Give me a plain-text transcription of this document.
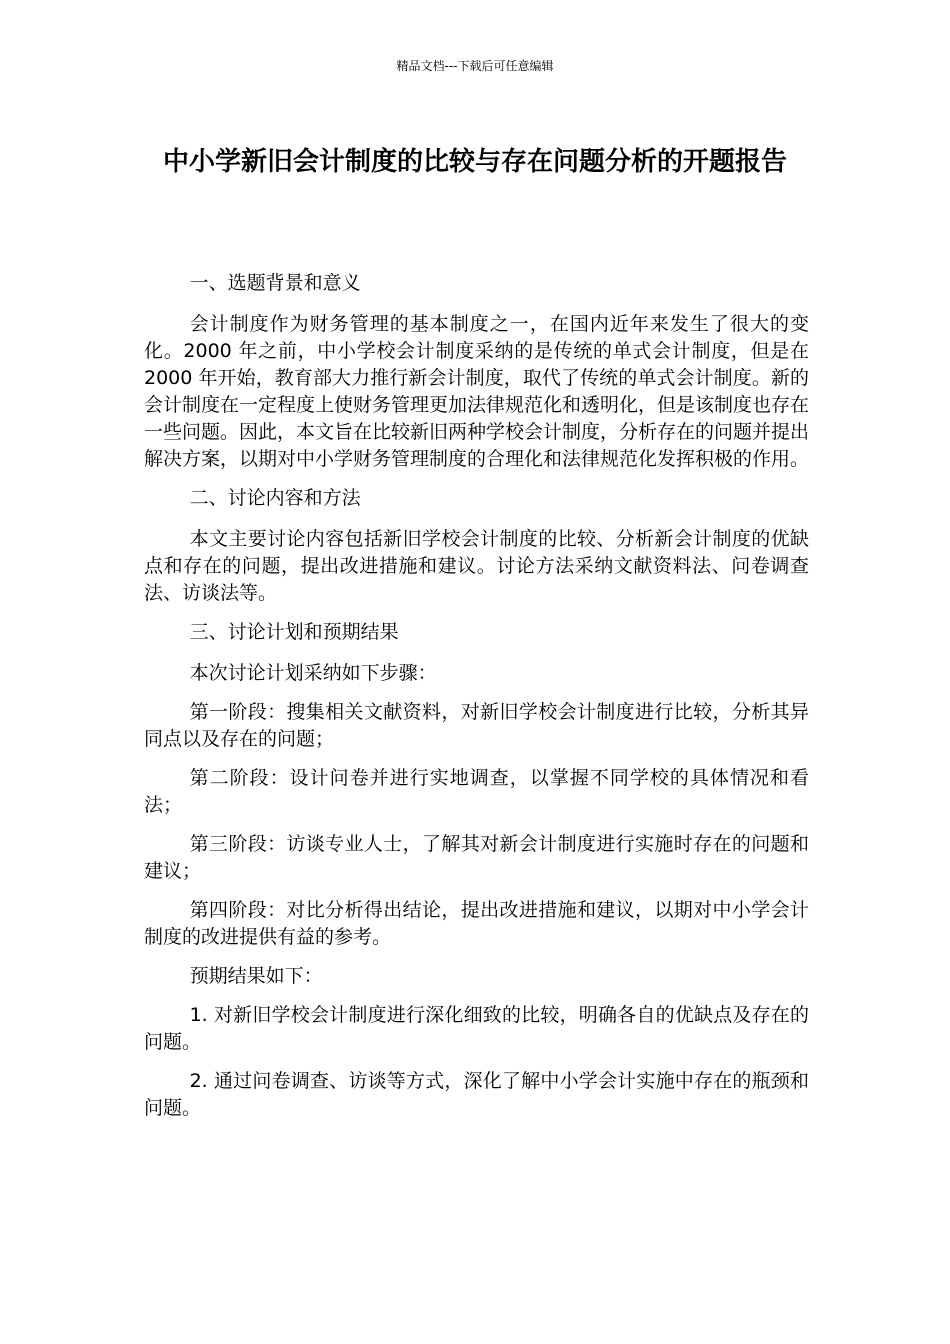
精品文档---下载后可任意编辑
中小学新旧会计制度的比较与存在问题分析的开题报告

一、选题背景和意义

会计制度作为财务管理的基本制度之一，在国内近年来发生了很大的变化。2000 年之前，中小学校会计制度采纳的是传统的单式会计制度，但是在 2000 年开始，教育部大力推行新会计制度，取代了传统的单式会计制度。新的会计制度在一定程度上使财务管理更加法律规范化和透明化，但是该制度也存在一些问题。因此，本文旨在比较新旧两种学校会计制度，分析存在的问题并提出解决方案，以期对中小学财务管理制度的合理化和法律规范化发挥积极的作用。

二、讨论内容和方法

本文主要讨论内容包括新旧学校会计制度的比较、分析新会计制度的优缺点和存在的问题，提出改进措施和建议。讨论方法采纳文献资料法、问卷调查法、访谈法等。

三、讨论计划和预期结果

本次讨论计划采纳如下步骤：

第一阶段：搜集相关文献资料，对新旧学校会计制度进行比较，分析其异同点以及存在的问题；

第二阶段：设计问卷并进行实地调查，以掌握不同学校的具体情况和看法；

第三阶段：访谈专业人士，了解其对新会计制度进行实施时存在的问题和建议；

第四阶段：对比分析得出结论，提出改进措施和建议，以期对中小学会计制度的改进提供有益的参考。

预期结果如下：

1. 对新旧学校会计制度进行深化细致的比较，明确各自的优缺点及存在的问题。

2. 通过问卷调查、访谈等方式，深化了解中小学会计实施中存在的瓶颈和问题。
